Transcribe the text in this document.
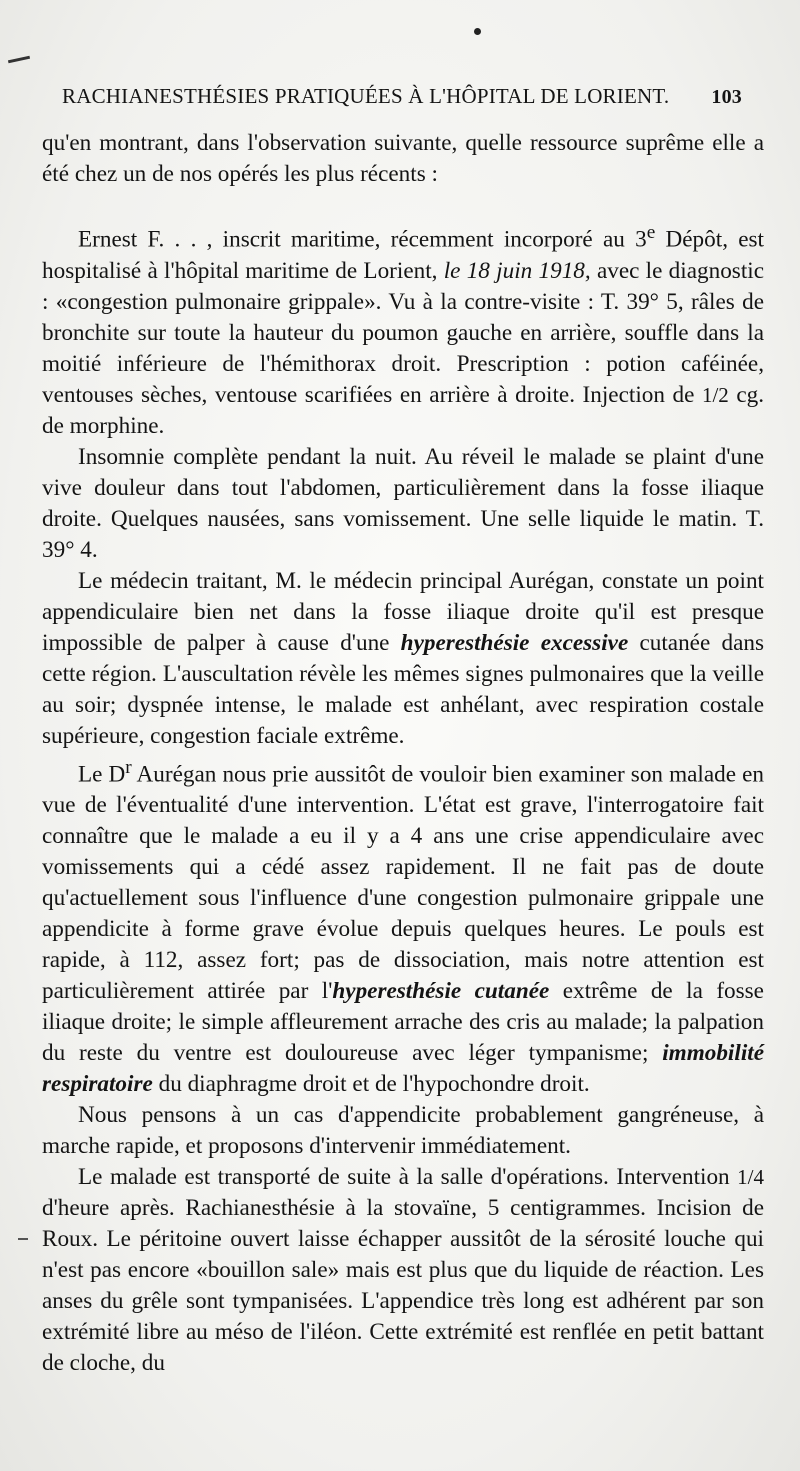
RACHIANESTHÉSIES PRATIQUÉES À L'HÔPITAL DE LORIENT. 103

qu'en montrant, dans l'observation suivante, quelle ressource suprême elle a été chez un de nos opérés les plus récents :

Ernest F. . . , inscrit maritime, récemment incorporé au 3e Dépôt, est hospitalisé à l'hôpital maritime de Lorient, le 18 juin 1918, avec le diagnostic : «congestion pulmonaire grippale». Vu à la contre-visite : T. 39° 5, râles de bronchite sur toute la hauteur du poumon gauche en arrière, souffle dans la moitié inférieure de l'hémithorax droit. Prescription : potion caféinée, ventouses sèches, ventouse scarifiées en arrière à droite. Injection de 1/2 cg. de morphine.

Insomnie complète pendant la nuit. Au réveil le malade se plaint d'une vive douleur dans tout l'abdomen, particulièrement dans la fosse iliaque droite. Quelques nausées, sans vomissement. Une selle liquide le matin. T. 39° 4.

Le médecin traitant, M. le médecin principal Aurégan, constate un point appendiculaire bien net dans la fosse iliaque droite qu'il est presque impossible de palper à cause d'une hyperesthésie excessive cutanée dans cette région. L'auscultation révèle les mêmes signes pulmonaires que la veille au soir; dyspnée intense, le malade est anhélant, avec respiration costale supérieure, congestion faciale extrême.

Le $D^r$ Aurégan nous prie aussitôt de vouloir bien examiner son malade en vue de l'éventualité d'une intervention. L'état est grave, l'interrogatoire fait connaître que le malade a eu il y a 4 ans une crise appendiculaire avec vomissements qui a cédé assez rapidement. Il ne fait pas de doute qu'actuellement sous l'influence d'une congestion pulmonaire grippale une appendicite à forme grave évolue depuis quelques heures. Le pouls est rapide, à 112, assez fort; pas de dissociation, mais notre attention est particulièrement attirée par l'hyperesthésie cutanée extrême de la fosse iliaque droite; le simple affleurement arrache des cris au malade; la palpation du reste du ventre est douloureuse avec léger tympanisme; immobilité respiratoire du diaphragme droit et de l'hypochondre droit.

Nous pensons à un cas d'appendicite probablement gangréneuse, à marche rapide, et proposons d'intervenir immédiatement.

Le malade est transporté de suite à la salle d'opérations. Intervention 1/4 d'heure après. Rachianesthésie à la stovaïne, 5 centigrammes. Incision de Roux. Le péritoine ouvert laisse échapper aussitôt de la sérosité louche qui n'est pas encore «bouillon sale» mais est plus que du liquide de réaction. Les anses du grêle sont tympanisées. L'appendice très long est adhérent par son extrémité libre au méso de l'iléon. Cette extrémité est renflée en petit battant de cloche, du
